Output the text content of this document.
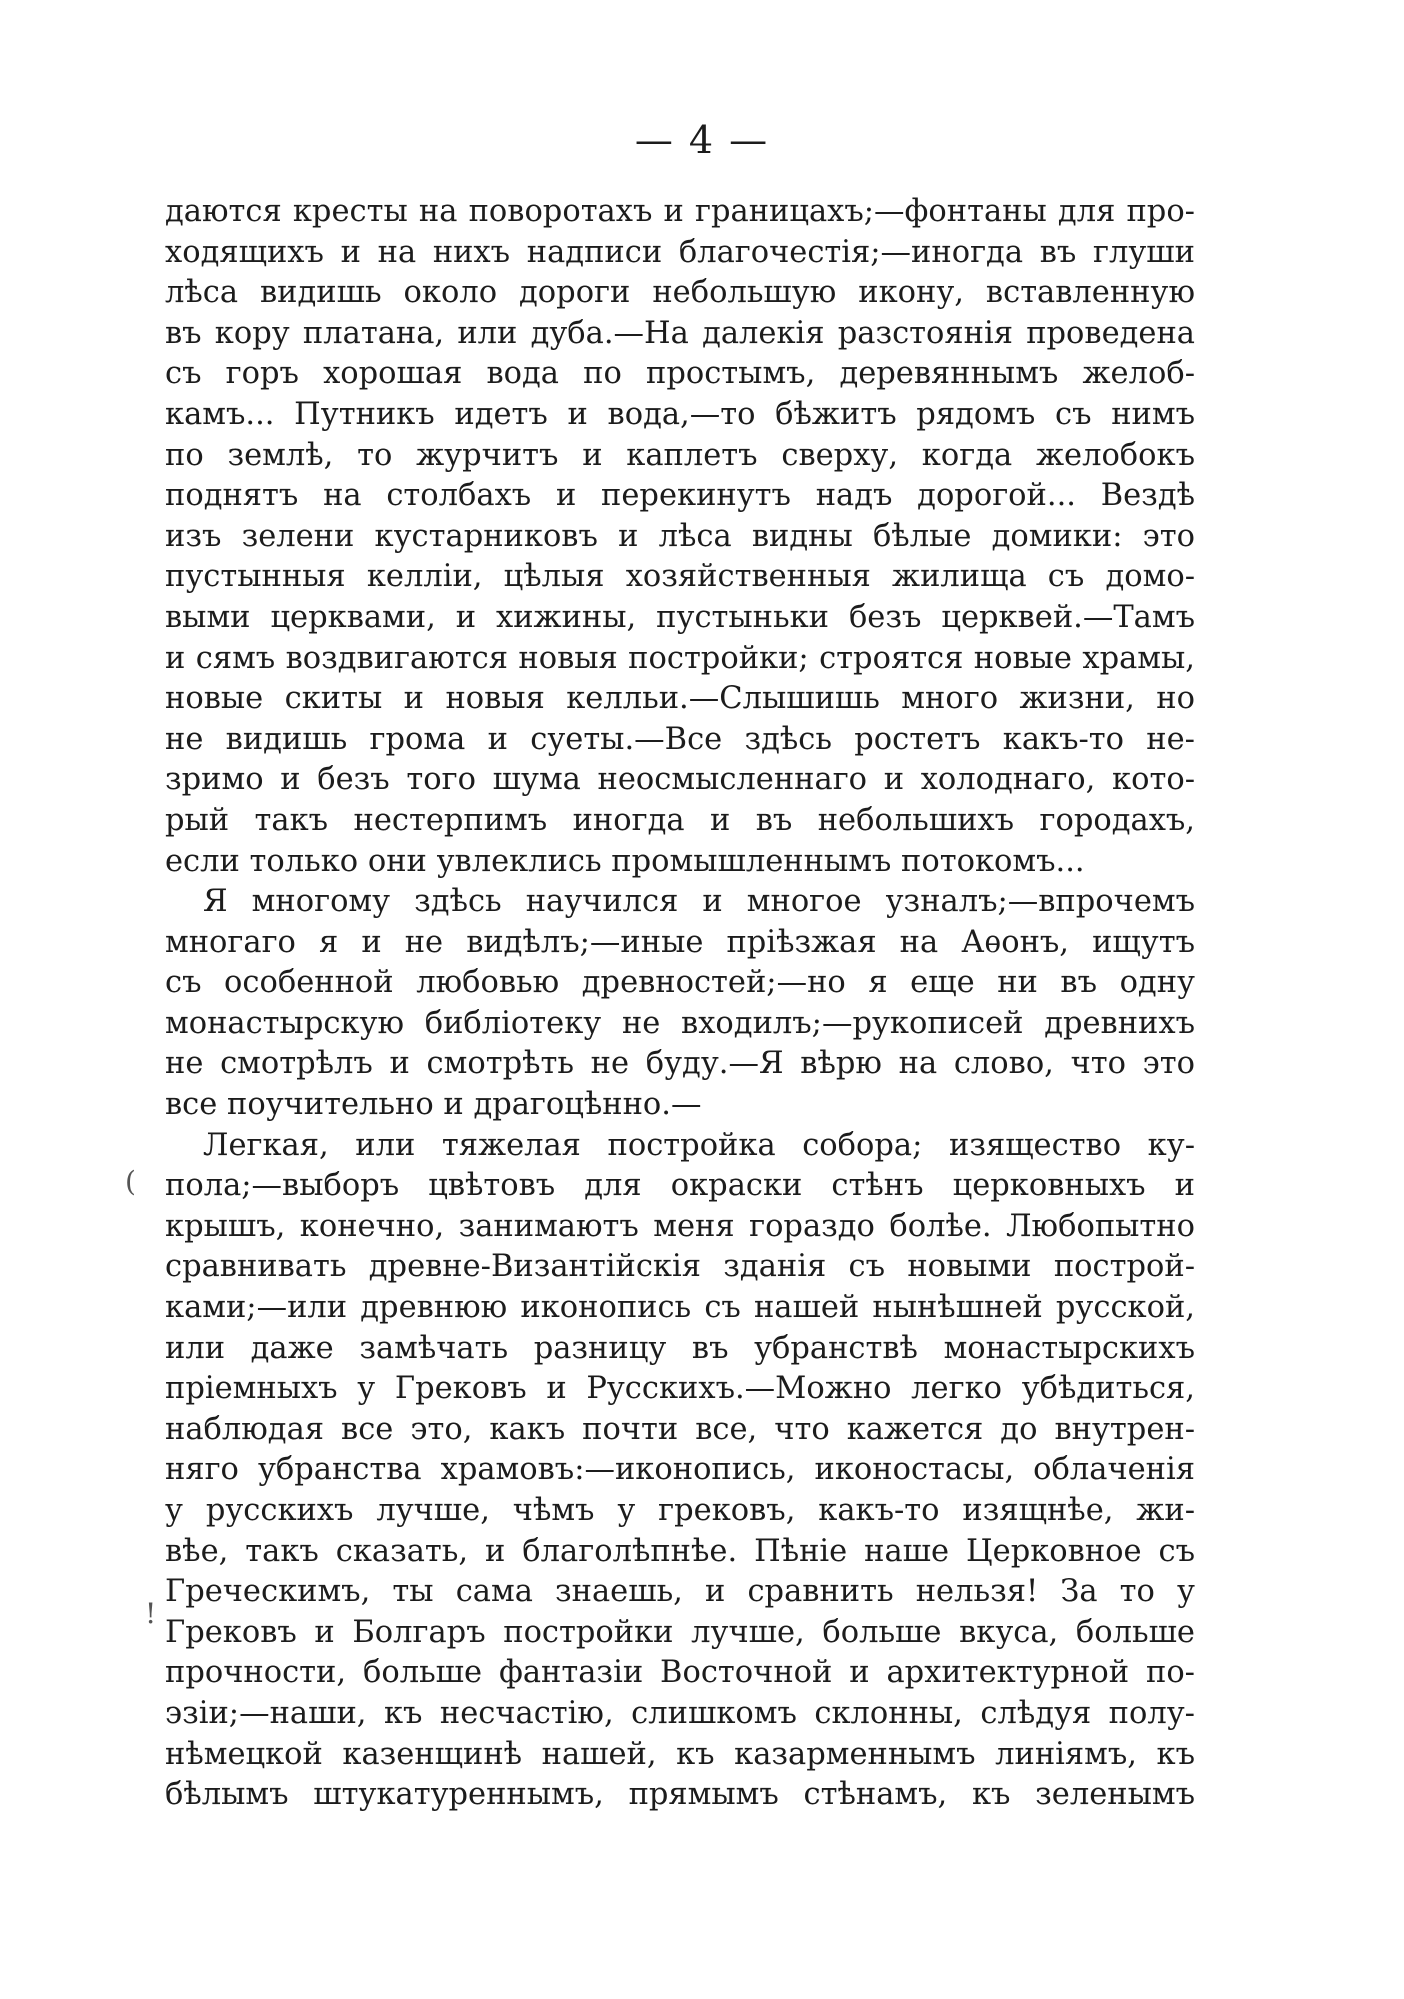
— 4 —
(
!
даются кресты на поворотахъ и границахъ;—фонтаны для про-
ходящихъ и на нихъ надписи благочестія;—иногда въ глуши
лѣса видишь около дороги небольшую икону, вставленную
въ кору платана, или дуба.—На далекія разстоянія проведена
съ горъ хорошая вода по простымъ, деревяннымъ желоб-
камъ... Путникъ идетъ и вода,—то бѣжитъ рядомъ съ нимъ
по землѣ, то журчитъ и каплетъ сверху, когда желобокъ
поднятъ на столбахъ и перекинутъ надъ дорогой... Вездѣ
изъ зелени кустарниковъ и лѣса видны бѣлые домики: это
пустынныя келліи, цѣлыя хозяйственныя жилища съ домо-
выми церквами, и хижины, пустыньки безъ церквей.—Тамъ
и сямъ воздвигаются новыя постройки; строятся новые храмы,
новые скиты и новыя келльи.—Слышишь много жизни, но
не видишь грома и суеты.—Все здѣсь ростетъ какъ-то не-
зримо и безъ того шума неосмысленнаго и холоднаго, кото-
рый такъ нестерпимъ иногда и въ небольшихъ городахъ,
если только они увлеклись промышленнымъ потокомъ...
Я многому здѣсь научился и многое узналъ;—впрочемъ
многаго я и не видѣлъ;—иные пріѣзжая на Аѳонъ, ищутъ
съ особенной любовью древностей;—но я еще ни въ одну
монастырскую библіотеку не входилъ;—рукописей древнихъ
не смотрѣлъ и смотрѣть не буду.—Я вѣрю на слово, что это
все поучительно и драгоцѣнно.—
Легкая, или тяжелая постройка собора; изящество ку-
пола;—выборъ цвѣтовъ для окраски стѣнъ церковныхъ и
крышъ, конечно, занимаютъ меня гораздо болѣе. Любопытно
сравнивать древне-Византійскія зданія съ новыми построй-
ками;—или древнюю иконопись съ нашей нынѣшней русской,
или даже замѣчать разницу въ убранствѣ монастырскихъ
пріемныхъ у Грековъ и Русскихъ.—Можно легко убѣдиться,
наблюдая все это, какъ почти все, что кажется до внутрен-
няго убранства храмовъ:—иконопись, иконостасы, облаченія
у русскихъ лучше, чѣмъ у грековъ, какъ-то изящнѣе, жи-
вѣе, такъ сказать, и благолѣпнѣе. Пѣніе наше Церковное съ
Греческимъ, ты сама знаешь, и сравнить нельзя! За то у
Грековъ и Болгаръ постройки лучше, больше вкуса, больше
прочности, больше фантазіи Восточной и архитектурной по-
эзіи;—наши, къ несчастію, слишкомъ склонны, слѣдуя полу-
нѣмецкой казенщинѣ нашей, къ казарменнымъ линіямъ, къ
бѣлымъ штукатуреннымъ, прямымъ стѣнамъ, къ зеленымъ
